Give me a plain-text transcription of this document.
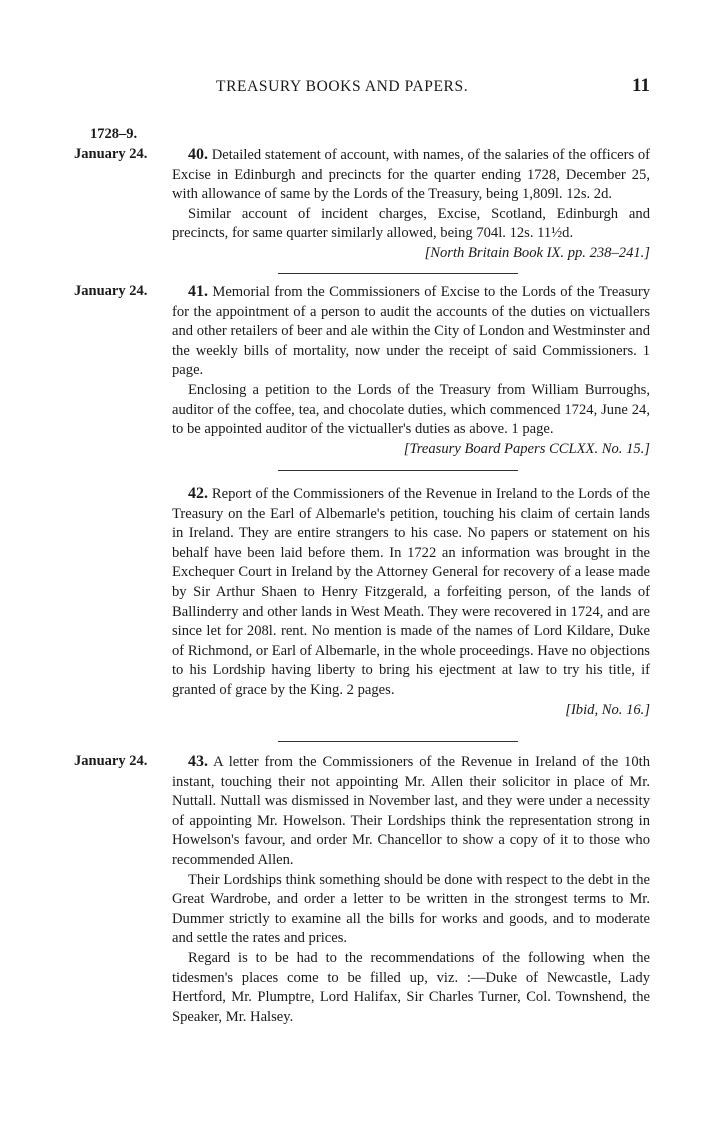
TREASURY BOOKS AND PAPERS.	11
1728–9.
January 24.	40. Detailed statement of account, with names, of the salaries of the officers of Excise in Edinburgh and precincts for the quarter ending 1728, December 25, with allowance of same by the Lords of the Treasury, being 1,809l. 12s. 2d.

Similar account of incident charges, Excise, Scotland, Edinburgh and precincts, for same quarter similarly allowed, being 704l. 12s. 11½d.

[North Britain Book IX. pp. 238–241.]
January 24.	41. Memorial from the Commissioners of Excise to the Lords of the Treasury for the appointment of a person to audit the accounts of the duties on victuallers and other retailers of beer and ale within the City of London and Westminster and the weekly bills of mortality, now under the receipt of said Commissioners. 1 page.

Enclosing a petition to the Lords of the Treasury from William Burroughs, auditor of the coffee, tea, and chocolate duties, which commenced 1724, June 24, to be appointed auditor of the victualler's duties as above. 1 page.

[Treasury Board Papers CCLXX. No. 15.]

42. Report of the Commissioners of the Revenue in Ireland to the Lords of the Treasury on the Earl of Albemarle's petition, touching his claim of certain lands in Ireland. They are entire strangers to his case. No papers or statement on his behalf have been laid before them. In 1722 an information was brought in the Exchequer Court in Ireland by the Attorney General for recovery of a lease made by Sir Arthur Shaen to Henry Fitzgerald, a forfeiting person, of the lands of Ballinderry and other lands in West Meath. They were recovered in 1724, and are since let for 208l. rent. No mention is made of the names of Lord Kildare, Duke of Richmond, or Earl of Albemarle, in the whole proceedings. Have no objections to his Lordship having liberty to bring his ejectment at law to try his title, if granted of grace by the King. 2 pages.

[Ibid, No. 16.]
January 24.	43. A letter from the Commissioners of the Revenue in Ireland of the 10th instant, touching their not appointing Mr. Allen their solicitor in place of Mr. Nuttall. Nuttall was dismissed in November last, and they were under a necessity of appointing Mr. Howelson. Their Lordships think the representation strong in Howelson's favour, and order Mr. Chancellor to show a copy of it to those who recommended Allen.

Their Lordships think something should be done with respect to the debt in the Great Wardrobe, and order a letter to be written in the strongest terms to Mr. Dummer strictly to examine all the bills for works and goods, and to moderate and settle the rates and prices.

Regard is to be had to the recommendations of the following when the tidesmen's places come to be filled up, viz. :—Duke of Newcastle, Lady Hertford, Mr. Plumptre, Lord Halifax, Sir Charles Turner, Col. Townshend, the Speaker, Mr. Halsey.
